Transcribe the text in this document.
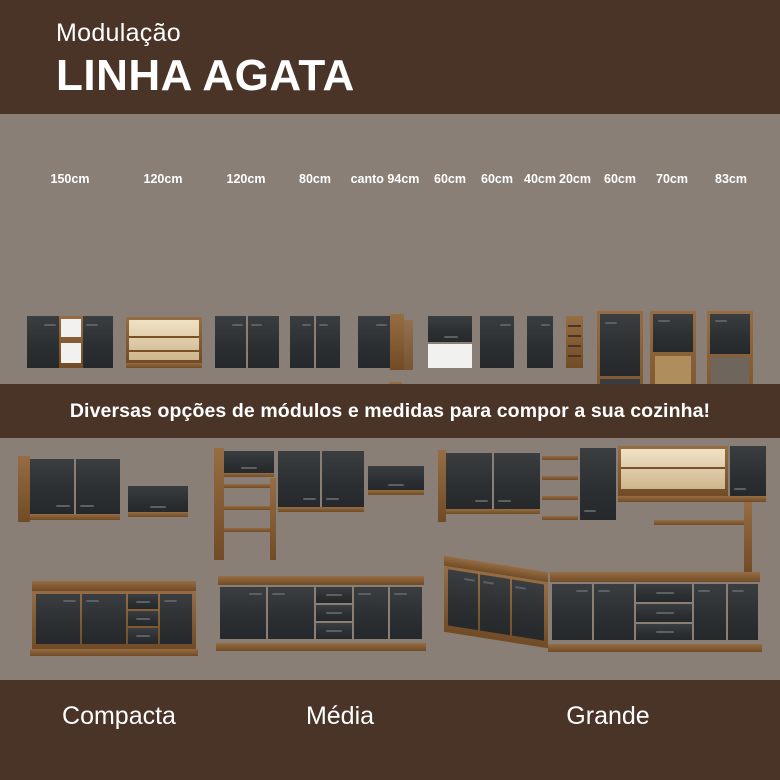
Modulação
LINHA AGATA
150cm	120cm	120cm	80cm canto 94cm 60cm 60cm 40cm 20cm 60cm 70cm 83cm
Diversas opções de módulos e medidas para compor a sua cozinha!
Compacta	Média	Grande
